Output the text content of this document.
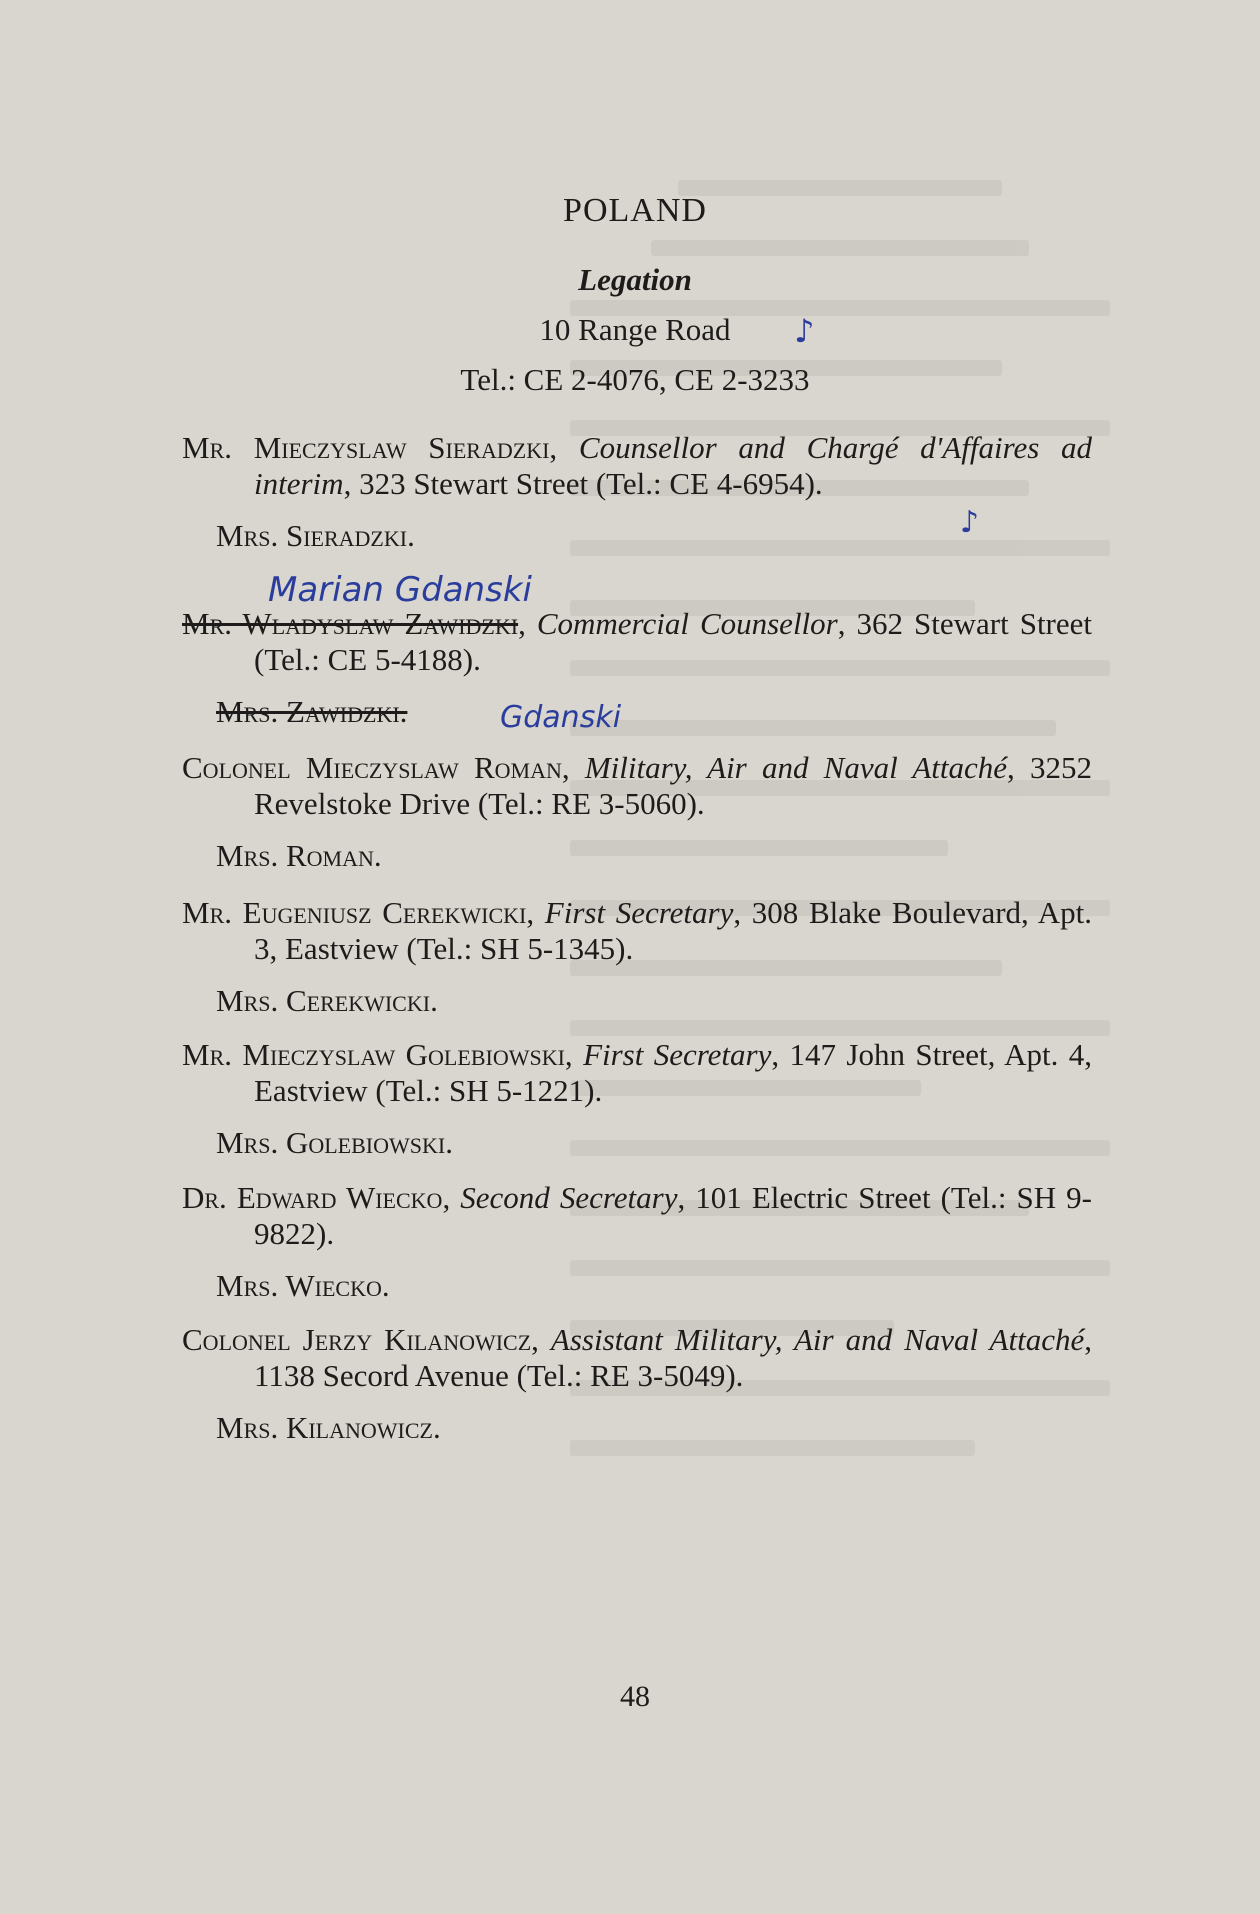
POLAND
Legation
10 Range Road
Tel.: CE 2-4076, CE 2-3233
Mr. Mieczyslaw Sieradzki, Counsellor and Chargé d'Affaires ad interim, 323 Stewart Street (Tel.: CE 4-6954).
Mrs. Sieradzki.
Mr. Wladyslaw Zawidzki, Commercial Counsellor, 362 Stewart Street (Tel.: CE 5-4188).
Mrs. Zawidzki.
Colonel Mieczyslaw Roman, Military, Air and Naval Attaché, 3252 Revelstoke Drive (Tel.: RE 3-5060).
Mrs. Roman.
Mr. Eugeniusz Cerekwicki, First Secretary, 308 Blake Boulevard, Apt. 3, Eastview (Tel.: SH 5-1345).
Mrs. Cerekwicki.
Mr. Mieczyslaw Golebiowski, First Secretary, 147 John Street, Apt. 4, Eastview (Tel.: SH 5-1221).
Mrs. Golebiowski.
Dr. Edward Wiecko, Second Secretary, 101 Electric Street (Tel.: SH 9-9822).
Mrs. Wiecko.
Colonel Jerzy Kilanowicz, Assistant Military, Air and Naval Attaché, 1138 Secord Avenue (Tel.: RE 3-5049).
Mrs. Kilanowicz.
♪
♪
Marian Gdanski
Gdanski
48
